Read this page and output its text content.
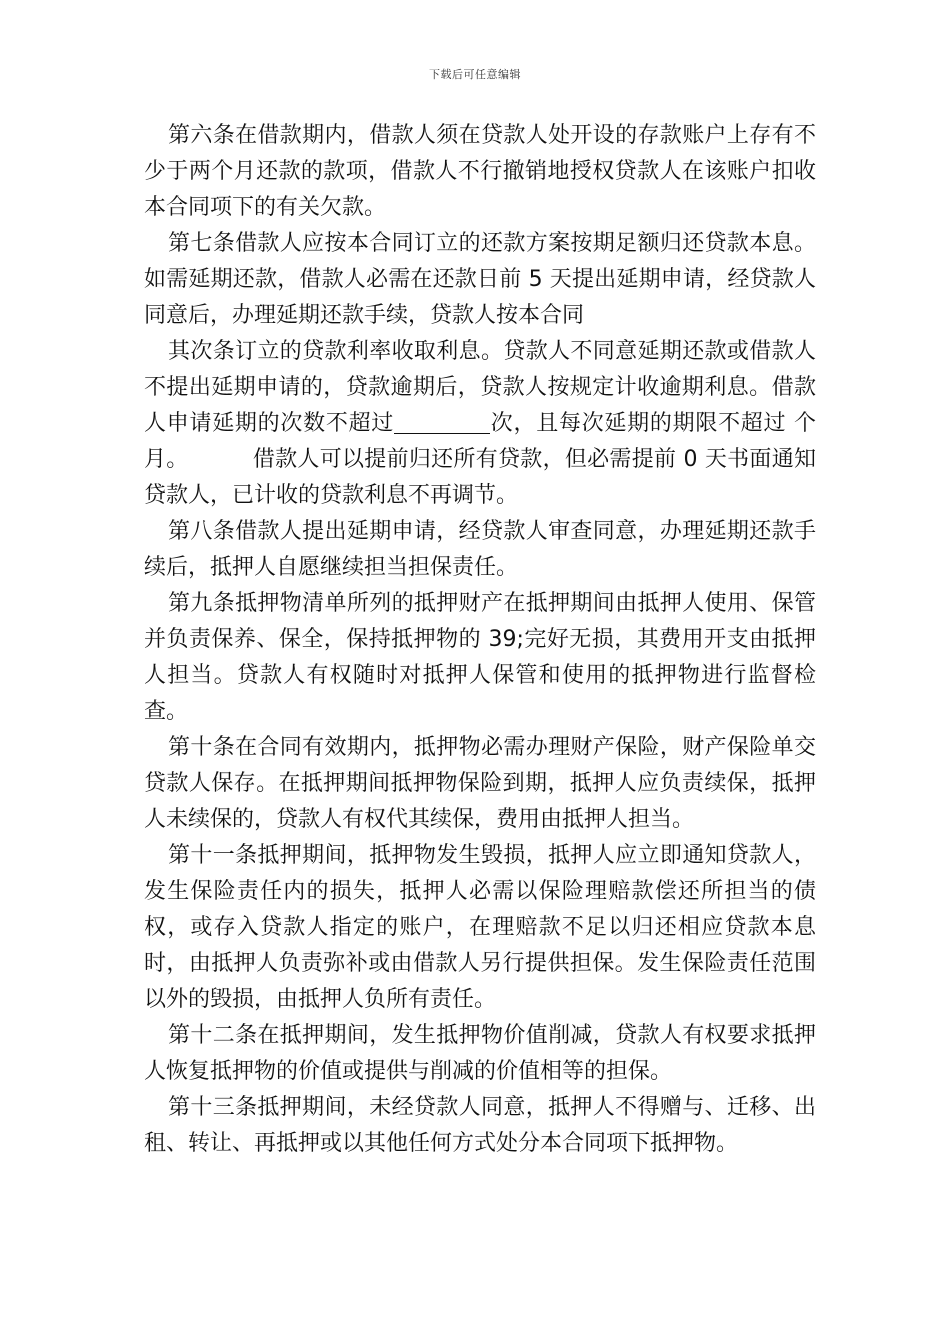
下载后可任意编辑

第六条在借款期内，借款人须在贷款人处开设的存款账户上存有不少于两个月还款的款项，借款人不行撤销地授权贷款人在该账户扣收本合同项下的有关欠款。

第七条借款人应按本合同订立的还款方案按期足额归还贷款本息。如需延期还款，借款人必需在还款日前 5 天提出延期申请，经贷款人同意后，办理延期还款手续，贷款人按本合同

其次条订立的贷款利率收取利息。贷款人不同意延期还款或借款人不提出延期申请的，贷款逾期后，贷款人按规定计收逾期利息。借款人申请延期的次数不超过	次，且每次延期的期限不超过 个月。	借款人可以提前归还所有贷款，但必需提前 0 天书面通知贷款人，已计收的贷款利息不再调节。

第八条借款人提出延期申请，经贷款人审查同意，办理延期还款手续后，抵押人自愿继续担当担保责任。

第九条抵押物清单所列的抵押财产在抵押期间由抵押人使用、保管并负责保养、保全，保持抵押物的 39;完好无损，其费用开支由抵押人担当。贷款人有权随时对抵押人保管和使用的抵押物进行监督检查。

第十条在合同有效期内，抵押物必需办理财产保险，财产保险单交贷款人保存。在抵押期间抵押物保险到期，抵押人应负责续保，抵押人未续保的，贷款人有权代其续保，费用由抵押人担当。

第十一条抵押期间，抵押物发生毁损，抵押人应立即通知贷款人，发生保险责任内的损失，抵押人必需以保险理赔款偿还所担当的债权，或存入贷款人指定的账户，在理赔款不足以归还相应贷款本息时，由抵押人负责弥补或由借款人另行提供担保。发生保险责任范围以外的毁损，由抵押人负所有责任。

第十二条在抵押期间，发生抵押物价值削减，贷款人有权要求抵押人恢复抵押物的价值或提供与削减的价值相等的担保。

第十三条抵押期间，未经贷款人同意，抵押人不得赠与、迁移、出租、转让、再抵押或以其他任何方式处分本合同项下抵押物。
